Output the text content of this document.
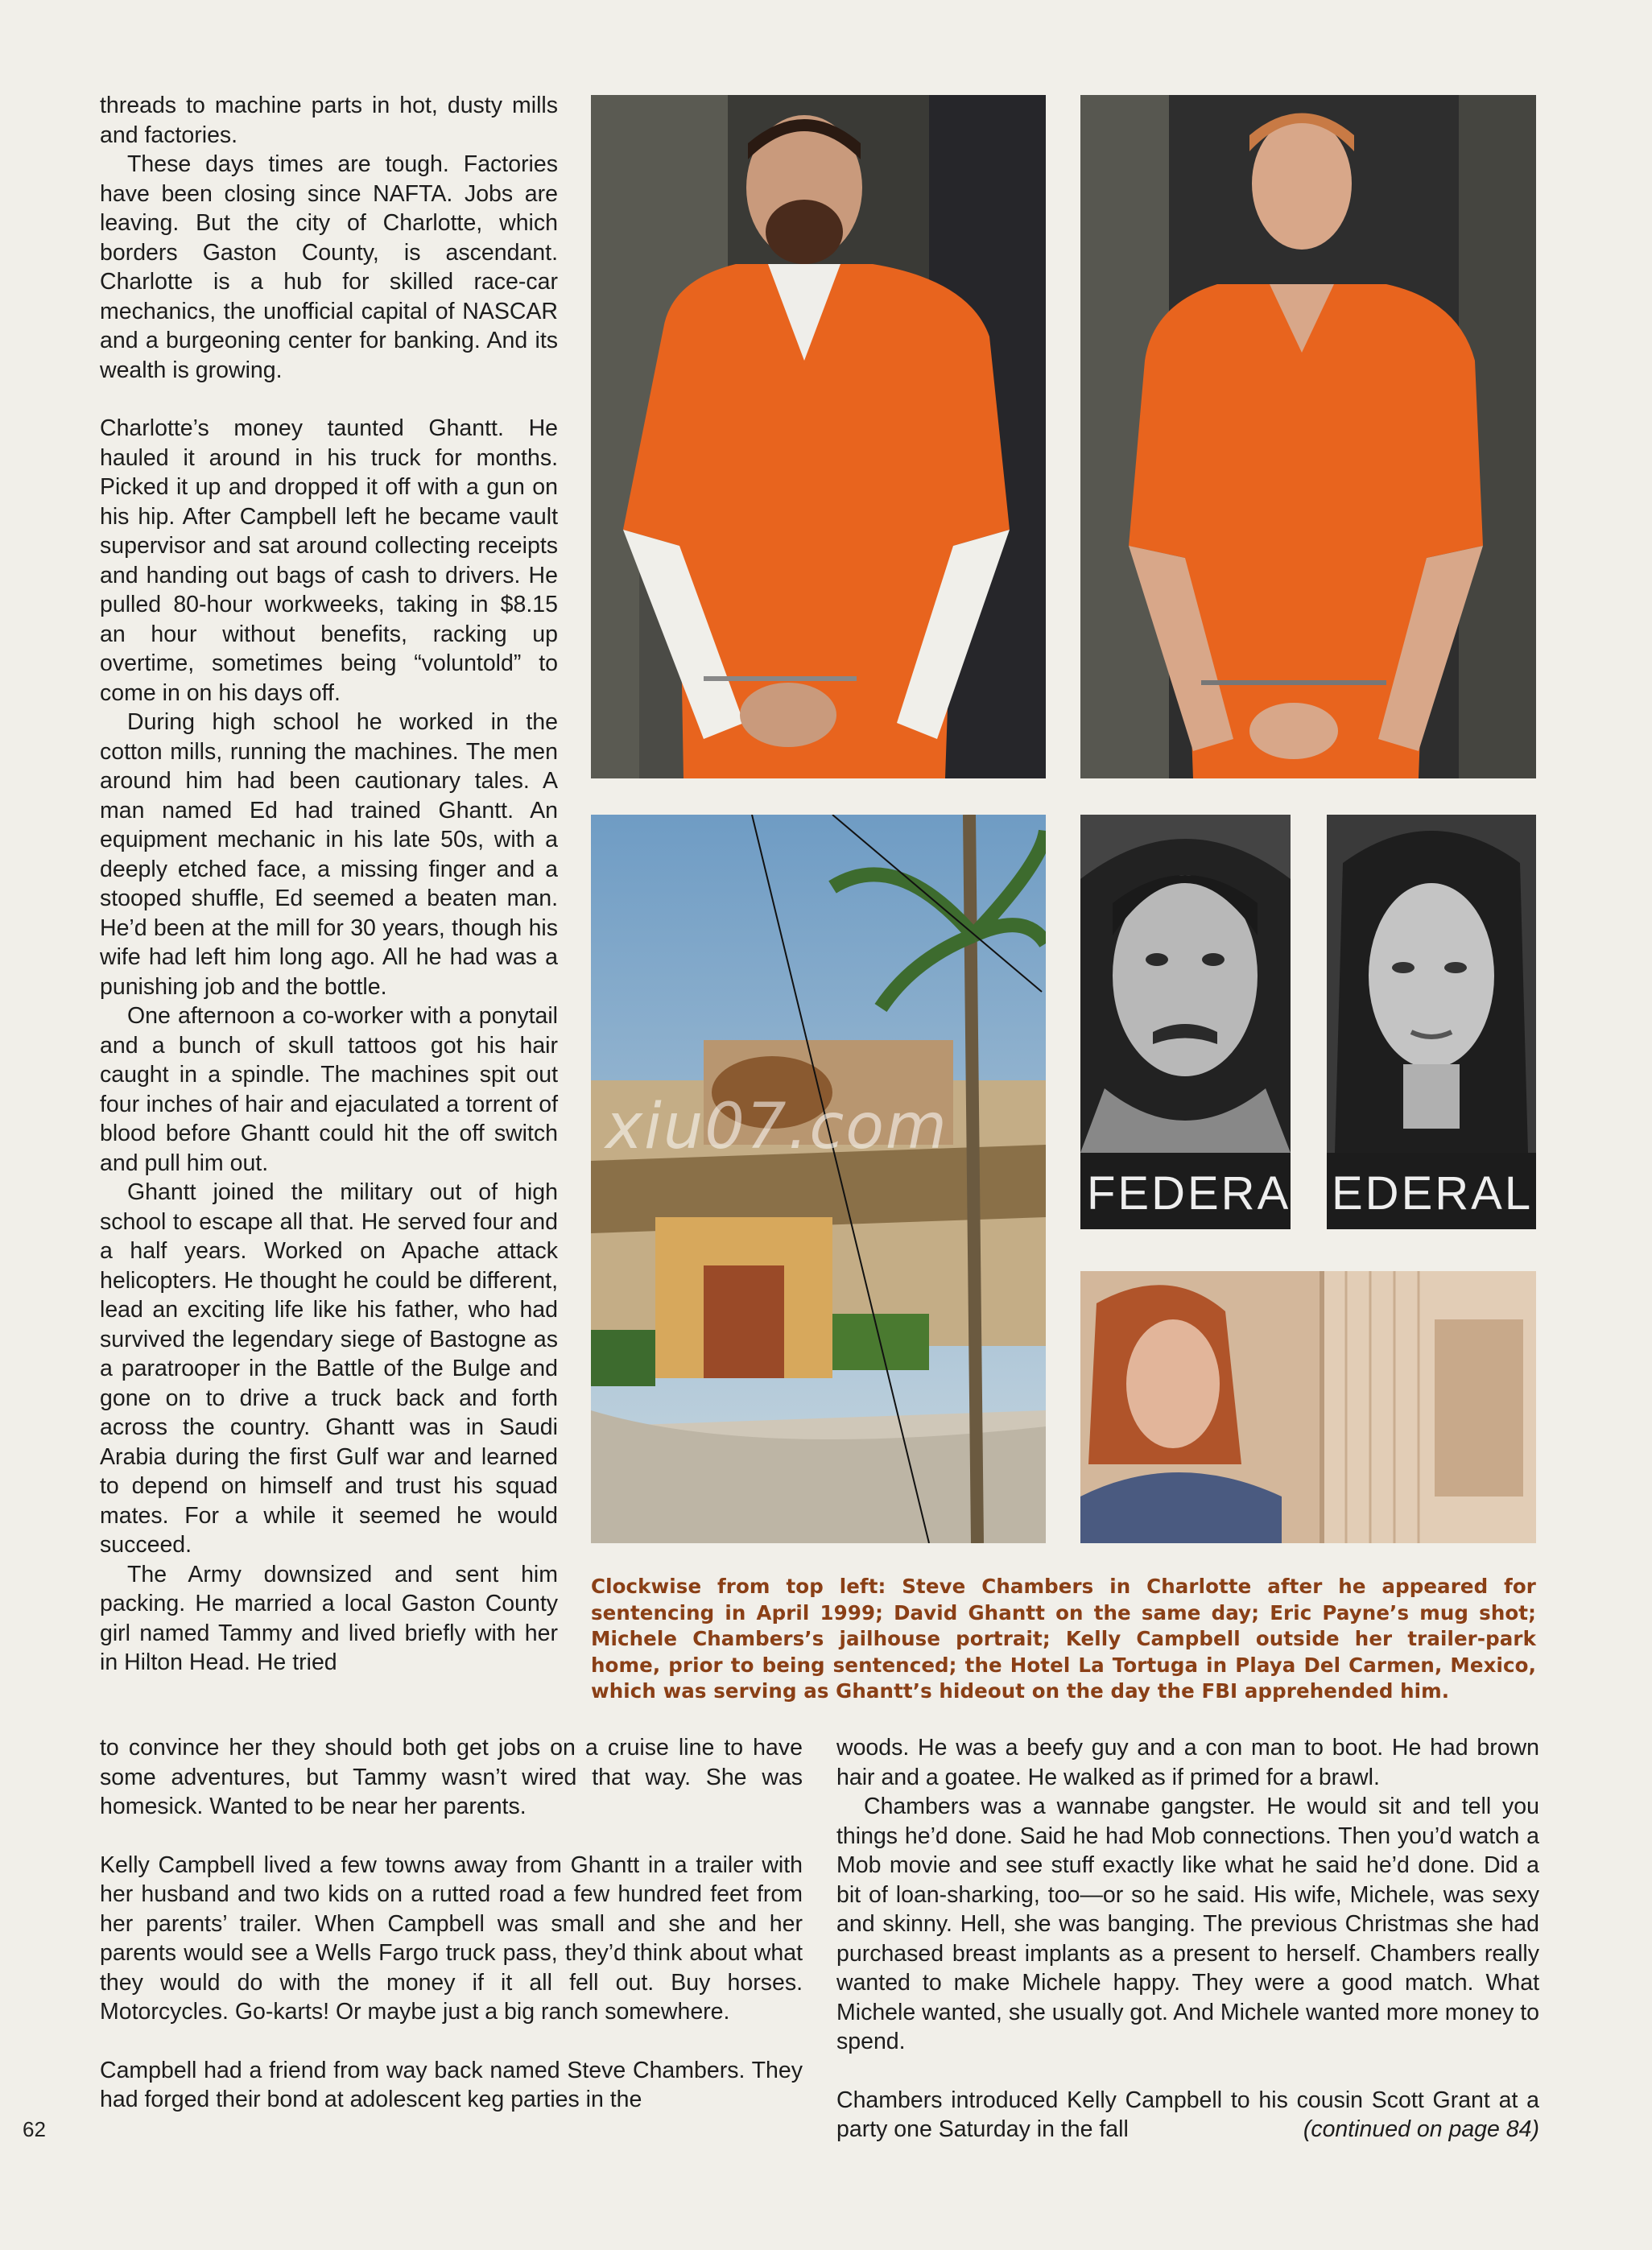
threads to machine parts in hot, dusty mills and factories.

These days times are tough. Factories have been closing since NAFTA. Jobs are leaving. But the city of Charlotte, which borders Gaston County, is ascendant. Charlotte is a hub for skilled race-car mechanics, the unofficial capital of NASCAR and a burgeoning center for banking. And its wealth is growing.

Charlotte’s money taunted Ghantt. He hauled it around in his truck for months. Picked it up and dropped it off with a gun on his hip. After Campbell left he became vault supervisor and sat around collecting receipts and handing out bags of cash to drivers. He pulled 80-hour workweeks, taking in $8.15 an hour without benefits, racking up overtime, sometimes being “voluntold” to come in on his days off.

During high school he worked in the cotton mills, running the machines. The men around him had been cautionary tales. A man named Ed had trained Ghantt. An equipment mechanic in his late 50s, with a deeply etched face, a missing finger and a stooped shuffle, Ed seemed a beaten man. He’d been at the mill for 30 years, though his wife had left him long ago. All he had was a punishing job and the bottle.

One afternoon a co-worker with a ponytail and a bunch of skull tattoos got his hair caught in a spindle. The machines spit out four inches of hair and ejaculated a torrent of blood before Ghantt could hit the off switch and pull him out.

Ghantt joined the military out of high school to escape all that. He served four and a half years. Worked on Apache attack helicopters. He thought he could be different, lead an exciting life like his father, who had survived the legendary siege of Bastogne as a paratrooper in the Battle of the Bulge and gone on to drive a truck back and forth across the country. Ghantt was in Saudi Arabia during the first Gulf war and learned to depend on himself and trust his squad mates. For a while it seemed he would succeed.

The Army downsized and sent him packing. He married a local Gaston County girl named Tammy and lived briefly with her in Hilton Head. He tried

FEDERA EDERAL
xiu07.com
Clockwise from top left: Steve Chambers in Charlotte after he appeared for sentencing in April 1999; David Ghantt on the same day; Eric Payne’s mug shot; Michele Chambers’s jailhouse portrait; Kelly Campbell outside her trailer-park home, prior to being sentenced; the Hotel La Tortuga in Playa Del Carmen, Mexico, which was serving as Ghantt’s hideout on the day the FBI apprehended him.

to convince her they should both get jobs on a cruise line to have some adventures, but Tammy wasn’t wired that way. She was homesick. Wanted to be near her parents.

Kelly Campbell lived a few towns away from Ghantt in a trailer with her husband and two kids on a rutted road a few hundred feet from her parents’ trailer. When Campbell was small and she and her parents would see a Wells Fargo truck pass, they’d think about what they would do with the money if it all fell out. Buy horses. Motorcycles. Go-karts! Or maybe just a big ranch somewhere.

Campbell had a friend from way back named Steve Chambers. They had forged their bond at adolescent keg parties in the

woods. He was a beefy guy and a con man to boot. He had brown hair and a goatee. He walked as if primed for a brawl.

Chambers was a wannabe gangster. He would sit and tell you things he’d done. Said he had Mob connections. Then you’d watch a Mob movie and see stuff exactly like what he said he’d done. Did a bit of loan-sharking, too—or so he said. His wife, Michele, was sexy and skinny. Hell, she was banging. The previous Christmas she had purchased breast implants as a present to herself. Chambers really wanted to make Michele happy. They were a good match. What Michele wanted, she usually got. And Michele wanted more money to spend.

Chambers introduced Kelly Campbell to his cousin Scott Grant at a party one Saturday in the fall	(continued on page 84)

62
